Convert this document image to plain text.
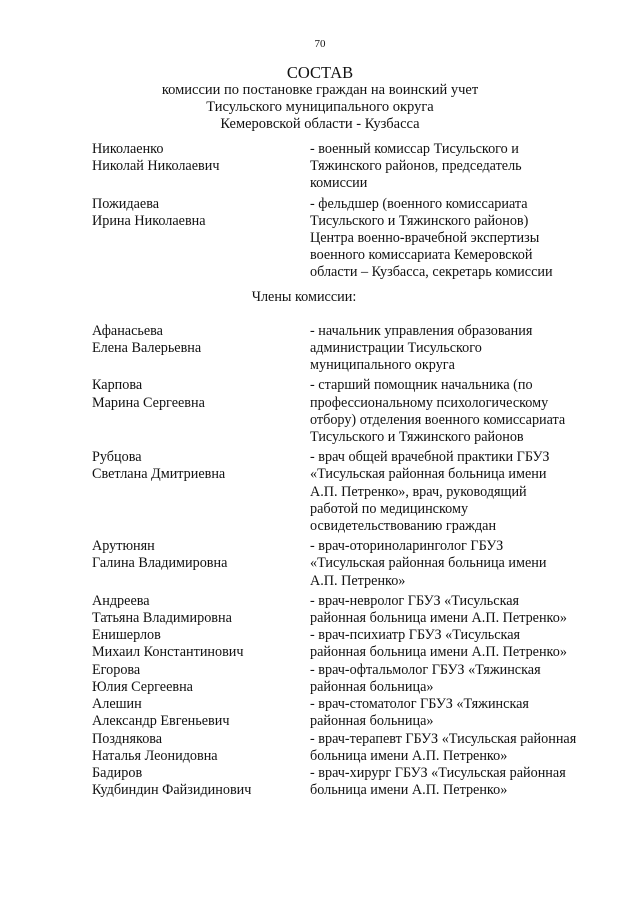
70
СОСТАВ
комиссии по постановке граждан на воинский учет
Тисульского муниципального округа
Кемеровской области - Кузбасса
Николаенко
Николай Николаевич
- военный комиссар Тисульского и
Тяжинского районов, председатель
комиссии
Пожидаева
Ирина Николаевна
- фельдшер (военного комиссариата
Тисульского и Тяжинского районов)
Центра военно-врачебной экспертизы
военного комиссариата Кемеровской
области – Кузбасса, секретарь комиссии
Члены комиссии:
Афанасьева
Елена Валерьевна
- начальник управления образования
администрации Тисульского
муниципального округа
Карпова
Марина Сергеевна
- старший помощник начальника (по
профессиональному психологическому
отбору) отделения военного комиссариата
Тисульского и Тяжинского районов
Рубцова
Светлана Дмитриевна
- врач общей врачебной практики ГБУЗ
«Тисульская районная больница имени
А.П. Петренко», врач, руководящий
работой по медицинскому
освидетельствованию граждан
Арутюнян
Галина Владимировна
- врач-оториноларинголог ГБУЗ
«Тисульская районная больница имени
А.П. Петренко»
Андреева
Татьяна Владимировна
- врач-невролог ГБУЗ «Тисульская
районная больница имени А.П. Петренко»
Енишерлов
Михаил Константинович
- врач-психиатр ГБУЗ «Тисульская
районная больница имени А.П. Петренко»
Егорова
Юлия Сергеевна
- врач-офтальмолог ГБУЗ «Тяжинская
районная больница»
Алешин
Александр Евгеньевич
- врач-стоматолог ГБУЗ «Тяжинская
районная больница»
Позднякова
Наталья Леонидовна
- врач-терапевт ГБУЗ «Тисульская районная
больница имени А.П. Петренко»
Бадиров
Кудбиндин Файзидинович
- врач-хирург ГБУЗ «Тисульская районная
больница имени А.П. Петренко»
